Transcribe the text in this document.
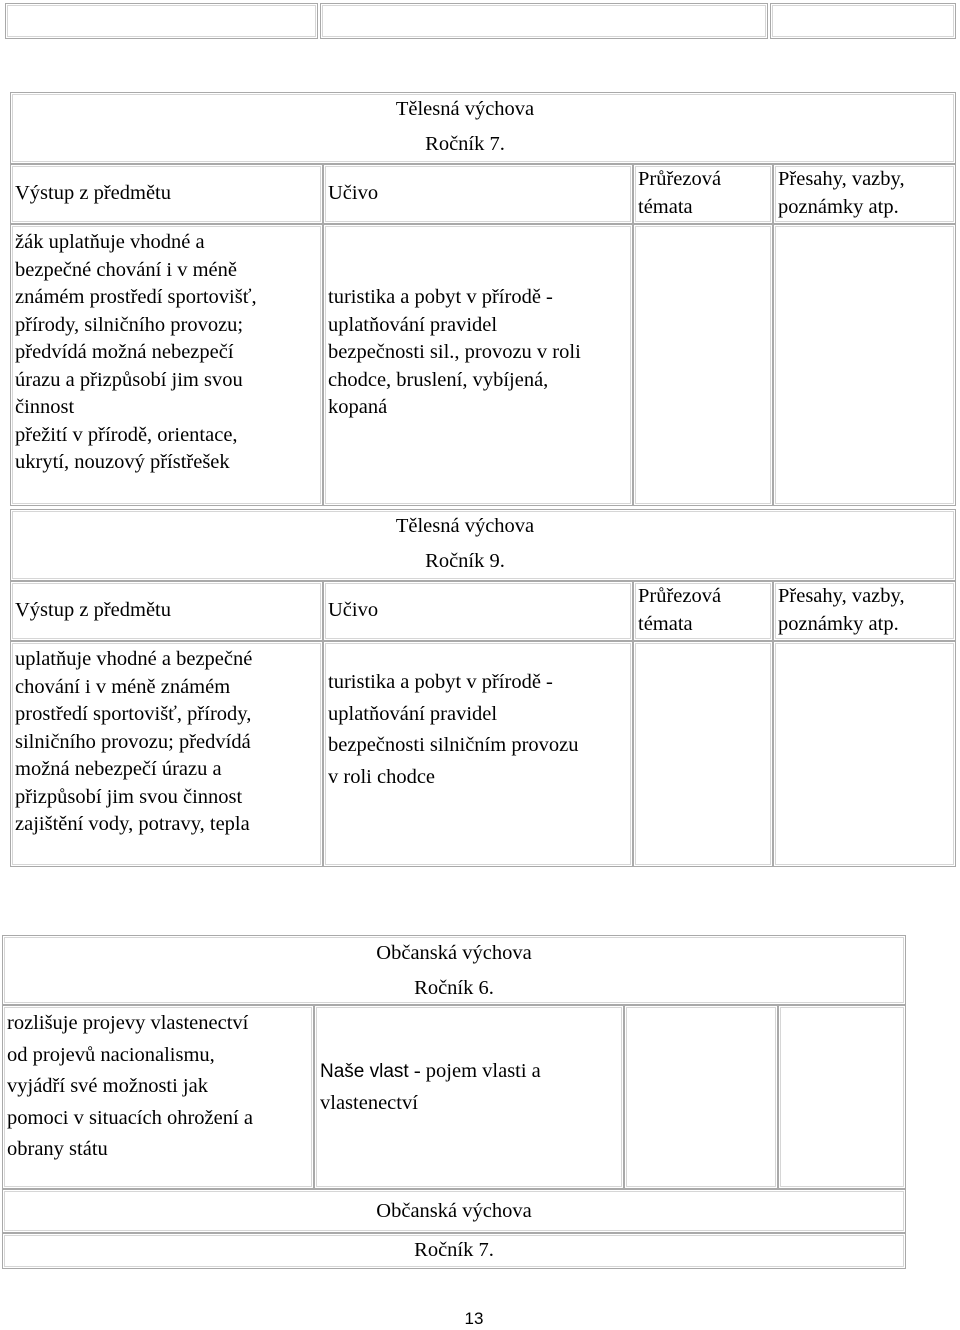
Tělesná výchova
Ročník 7.
Výstup z předmětu	Učivo
Průřezová
témata
Přesahy, vazby,
poznámky atp.
žák uplatňuje vhodné a
bezpečné chování i v méně
známém prostředí sportovišť,
přírody, silničního provozu;
předvídá možná nebezpečí
úrazu a přizpůsobí jim svou
činnost
přežití v přírodě, orientace,
ukrytí, nouzový přístřešek
turistika a pobyt v přírodě -
uplatňování pravidel
bezpečnosti sil., provozu v roli
chodce, bruslení, vybíjená,
kopaná
Tělesná výchova
Ročník 9.
Výstup z předmětu	Učivo
Průřezová
témata
Přesahy, vazby,
poznámky atp.
uplatňuje vhodné a bezpečné
chování i v méně známém
prostředí sportovišť, přírody,
silničního provozu; předvídá
možná nebezpečí úrazu a
přizpůsobí jim svou činnost
zajištění vody, potravy, tepla
turistika a pobyt v přírodě -
uplatňování pravidel
bezpečnosti silničním provozu
v roli chodce
Občanská výchova
Ročník 6.
rozlišuje projevy vlastenectví
od projevů nacionalismu,
vyjádří své možnosti jak
pomoci v situacích ohrožení a
obrany státu
Naše vlast - pojem vlasti a
vlastenectví
Občanská výchova
Ročník 7.
13
